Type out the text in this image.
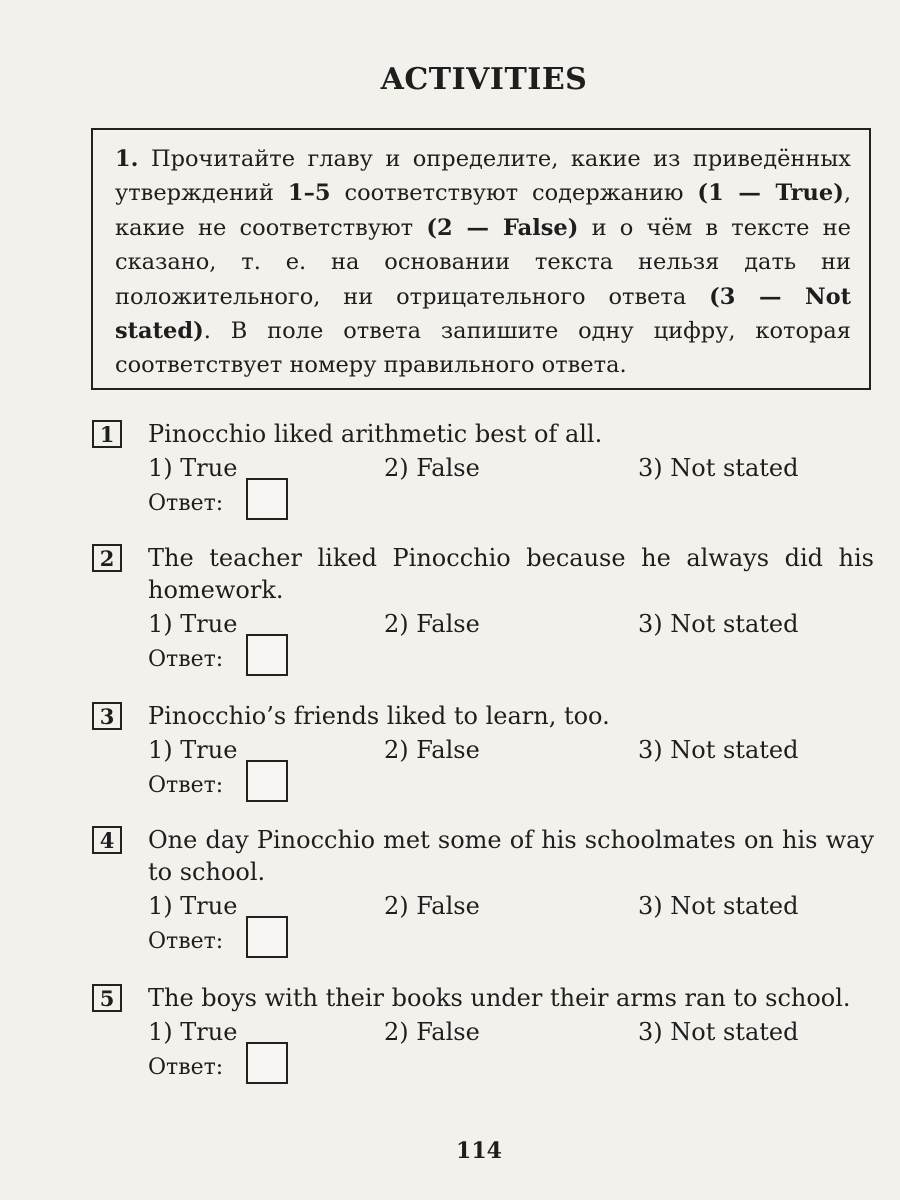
ACTIVITIES

1. Прочитайте главу и определите, какие из приведённых утверждений 1–5 соответствуют содержанию (1 — True), какие не соответствуют (2 — False) и о чём в тексте не сказано, т. е. на основании текста нельзя дать ни положительного, ни отрицательного ответа (3 — Not stated). В поле ответа запишите одну цифру, которая соответствует номеру правильного ответа.

1	Pinocchio liked arithmetic best of all.
1) True	2) False	3) Not stated
Ответ:
2	The teacher liked Pinocchio because he always did his homework.
1) True	2) False	3) Not stated
Ответ:
3	Pinocchio’s friends liked to learn, too.
1) True	2) False	3) Not stated
Ответ:
4	One day Pinocchio met some of his schoolmates on his way to school.
1) True	2) False	3) Not stated
Ответ:
5	The boys with their books under their arms ran to school.
1) True	2) False	3) Not stated
Ответ:
114
